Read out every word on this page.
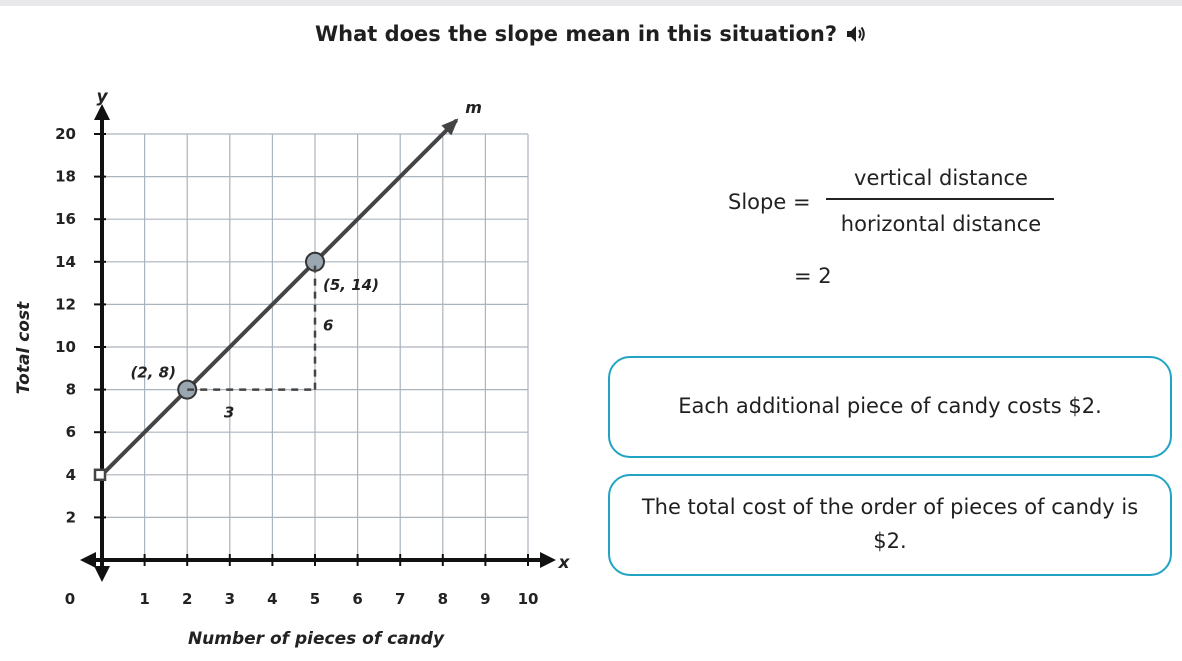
What does the slope mean in this situation?
x
y
0	1 2 3 4 5 6 7 8 9 10
2
4
6
8
10
12
14
16
18
20
m
3
6
(2, 8)
(5, 14)
Number of pieces of candy
Total cost
Slope =
vertical distance
horizontal distance
= 2
Each additional piece of candy costs $2.
The total cost of the order of pieces of candy is $2.
